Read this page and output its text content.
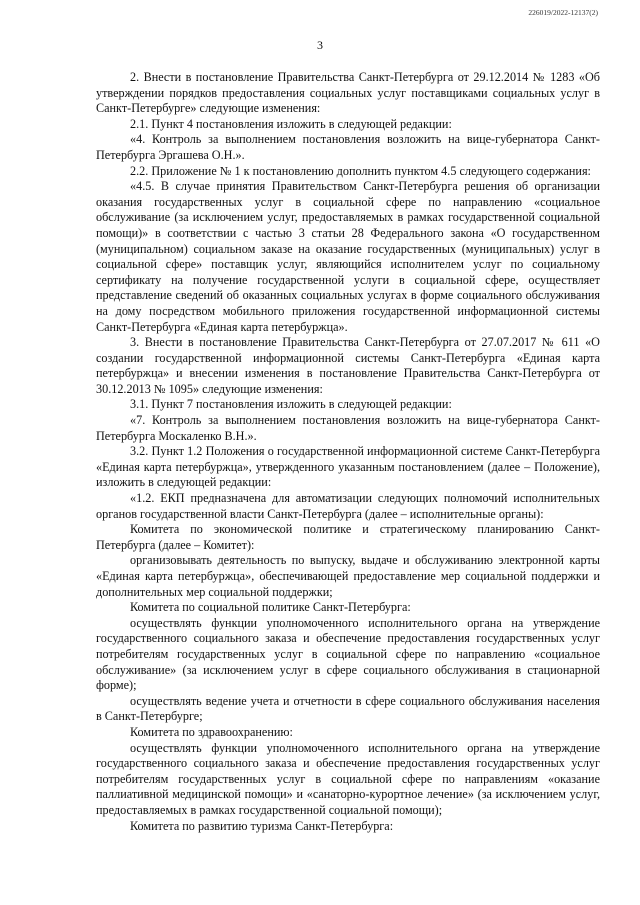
226019/2022-12137(2)
3

2. Внести в постановление Правительства Санкт-Петербурга от 29.12.2014 № 1283 «Об утверждении порядков предоставления социальных услуг поставщиками социальных услуг в Санкт-Петербурге» следующие изменения:

2.1. Пункт 4 постановления изложить в следующей редакции:

«4. Контроль за выполнением постановления возложить на вице-губернатора Санкт-Петербурга Эргашева О.Н.».

2.2. Приложение № 1 к постановлению дополнить пунктом 4.5 следующего содержания:

«4.5. В случае принятия Правительством Санкт-Петербурга решения об организации оказания государственных услуг в социальной сфере по направлению «социальное обслуживание (за исключением услуг, предоставляемых в рамках государственной социальной помощи)» в соответствии с частью 3 статьи 28 Федерального закона «О государственном (муниципальном) социальном заказе на оказание государственных (муниципальных) услуг в социальной сфере» поставщик услуг, являющийся исполнителем услуг по социальному сертификату на получение государственной услуги в социальной сфере, осуществляет представление сведений об оказанных социальных услугах в форме социального обслуживания на дому посредством мобильного приложения государственной информационной системы Санкт-Петербурга «Единая карта петербуржца».

3. Внести в постановление Правительства Санкт-Петербурга от 27.07.2017 № 611 «О создании государственной информационной системы Санкт-Петербурга «Единая карта петербуржца» и внесении изменения в постановление Правительства Санкт-Петербурга от 30.12.2013 № 1095» следующие изменения:

3.1. Пункт 7 постановления изложить в следующей редакции:

«7. Контроль за выполнением постановления возложить на вице-губернатора Санкт-Петербурга Москаленко В.Н.».

3.2. Пункт 1.2 Положения о государственной информационной системе Санкт-Петербурга «Единая карта петербуржца», утвержденного указанным постановлением (далее – Положение), изложить в следующей редакции:

«1.2. ЕКП предназначена для автоматизации следующих полномочий исполнительных органов государственной власти Санкт-Петербурга (далее – исполнительные органы):

Комитета по экономической политике и стратегическому планированию Санкт-Петербурга (далее – Комитет):

организовывать деятельность по выпуску, выдаче и обслуживанию электронной карты «Единая карта петербуржца», обеспечивающей предоставление мер социальной поддержки и дополнительных мер социальной поддержки;

Комитета по социальной политике Санкт-Петербурга:

осуществлять функции уполномоченного исполнительного органа на утверждение государственного социального заказа и обеспечение предоставления государственных услуг потребителям государственных услуг в социальной сфере по направлению «социальное обслуживание» (за исключением услуг в сфере социального обслуживания в стационарной форме);

осуществлять ведение учета и отчетности в сфере социального обслуживания населения в Санкт-Петербурге;

Комитета по здравоохранению:

осуществлять функции уполномоченного исполнительного органа на утверждение государственного социального заказа и обеспечение предоставления государственных услуг потребителям государственных услуг в социальной сфере по направлениям «оказание паллиативной медицинской помощи» и «санаторно-курортное лечение» (за исключением услуг, предоставляемых в рамках государственной социальной помощи);

Комитета по развитию туризма Санкт-Петербурга:
